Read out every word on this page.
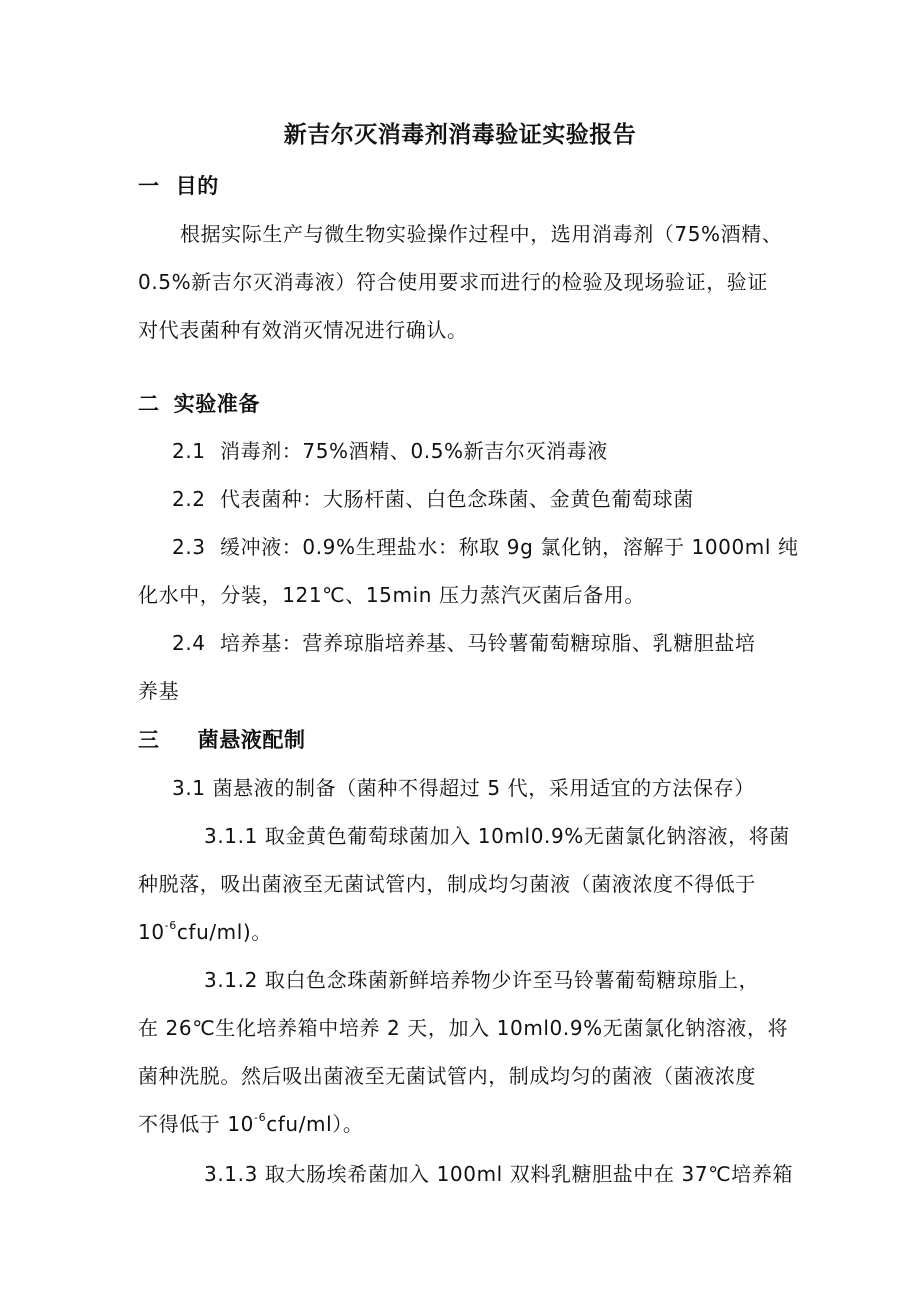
新吉尔灭消毒剂消毒验证实验报告
一 目的
根据实际生产与微生物实验操作过程中，选用消毒剂（75%酒精、
0.5%新吉尔灭消毒液）符合使用要求而进行的检验及现场验证，验证
对代表菌种有效消灭情况进行确认。
二 实验准备
2.1 消毒剂：75%酒精、0.5%新吉尔灭消毒液
2.2 代表菌种：大肠杆菌、白色念珠菌、金黄色葡萄球菌
2.3 缓冲液：0.9%生理盐水：称取 9g 氯化钠，溶解于 1000ml 纯
化水中，分装，121℃、15min 压力蒸汽灭菌后备用。
2.4 培养基：营养琼脂培养基、马铃薯葡萄糖琼脂、乳糖胆盐培
养基
三 菌悬液配制
3.1 菌悬液的制备（菌种不得超过 5 代，采用适宜的方法保存）
3.1.1 取金黄色葡萄球菌加入 10ml0.9%无菌氯化钠溶液，将菌
种脱落，吸出菌液至无菌试管内，制成均匀菌液（菌液浓度不得低于
$10^{-6}cfu/ml$)。
3.1.2 取白色念珠菌新鲜培养物少许至马铃薯葡萄糖琼脂上，
在 26℃生化培养箱中培养 2 天，加入 10ml0.9%无菌氯化钠溶液，将
菌种洗脱。然后吸出菌液至无菌试管内，制成均匀的菌液（菌液浓度
不得低于 $10^{-6}cfu/ml$）。
3.1.3 取大肠埃希菌加入 100ml 双料乳糖胆盐中在 37℃培养箱
